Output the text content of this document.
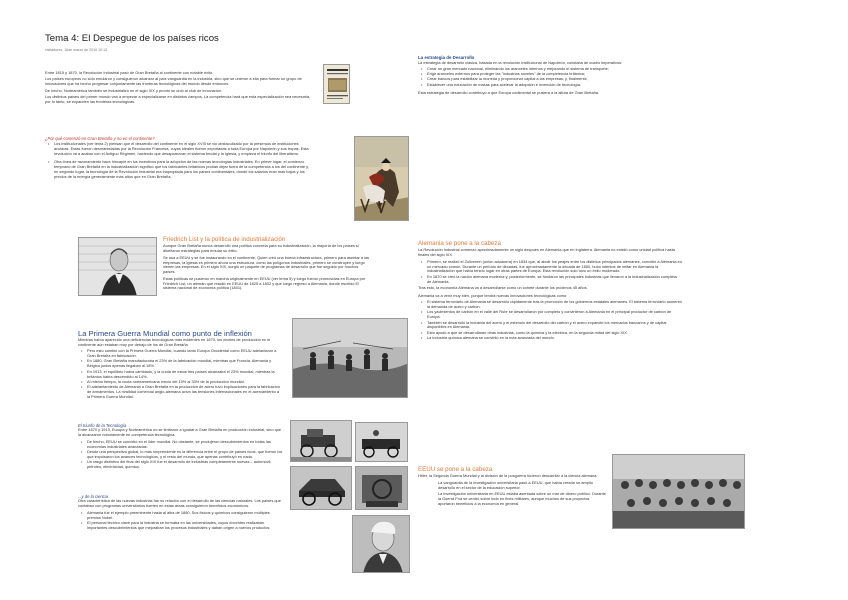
Tema 4: El Despegue de los países ricos
visitadores, 16de marzo de 2010 10:13

Entre 1815 y 1870, la Revolución Industrial pasó de Gran Bretaña al continente con notable éxito.

Los países europeos no sólo emularon y consiguieron alcanzar al país vanguardia en la industria, sino que se unieron a ella para formar un grupo de innovadores que ha hecho progresar conjuntamente las fronteras tecnológicas del mundo desde entonces.

De hecho, Norteamérica también se industrializó en el siglo XIX y pronto se unió al club de innovación.

Los distintos países del primer mundo van a empezar a especializarse en distintos campos. La competencia hará que esta especialización sea necesaria, por lo tanto, se expanden las fronteras tecnológicas.

¿Por qué comenzó en Gran Bretaña y no en el continente?
• Los institucionales (ver tema 2) piensan que el desarrollo del continente en el siglo XVIII se vio obstaculizado por la presencia de instituciones arcaicas. Estas fueron desmanteladas por la Revolución Francesa, cuyas ideales fueron exportadas a toda Europa por Napoleón y sus tropas. Esta revolución va a acabar con el Antiguo Régimen, haciendo que desaparezcan el sistema feudal y la Iglesia, y empieza el triunfo del liberalismo.
• Otra línea de razonamiento hace hincapié en los incentivos para la adopción de las nuevas tecnologías industriales. En primer lugar, el comienzo temprano de Gran Bretaña en la industrialización significó que los fabricantes británicos podían dejar fuera de la competencia a los del continente y, en segundo lugar, la tecnología de la Revolución Industrial era inapropiada para los países continentales, donde los salarios eran más bajos y los precios de la energía generalmente más altos que en Gran Bretaña.
La estrategia de Desarrollo

La estrategia de desarrollo clásica, basada en la revolución institucional de Napoleón, constaba de cuatro imperativos:

• Crear un gran mercado nacional, eliminando los aranceles internos y mejorando el sistema de transporte;
• Erigir aranceles externos para proteger las "industrias noveles" de la competencia británica;
• Crear bancos para estabilizar la moneda y proporcionar capital a las empresas; y, finalmente,
• Establecer una educación de masas para acelerar la adopción e invención de tecnología.

Esta estrategia de desarrollo contribuyó a que Europa continental se pusiera a la altura de Gran Bretaña.

Friedrich List y la política de industrialización

Aunque Gran Bretaña nunca desarrolló una política concreta para su industrialización, la mayoría de los países sí diseñaron estrategias para emular su éxito.

Se usa a EEUU y se fue instaurando en el continente. Quien creó una buena infraestructura, primero para asentar a las empresas, la Iglesia es primero ahora una estructura, como las polígonos industriales, primero se construyen y luego vienen las empresas. En el siglo XIX, surgió un paquete de programas de desarrollo que fue seguido por muchos países.

Estas políticas se pusieron en marcha originalmente en EEUU (ver tema 5) y luego fueron promovidas en Europa por Friedrich List, un alemán que residió en EEUU de 1825 a 1832 y que luego regresó a Alemania, donde escribió El sistema nacional de economía política (1841).

Alemania se pone a la cabeza

La Revolución Industrial comenzó aproximadamente un siglo después en Alemania que en Inglaterra. Alemania no existió como unidad política hasta finales del siglo XIX.

• Primero, se realizó el Zollverein (unión aduanera) en 1834 que, al abolir los peajes entre los distintos principados alemanes, convirtió a Alemania en un mercado común. Durante un período de décadas, fue aproximadamente la década de 1850, hubo intentos de imitar en Alemania la industrialización que había tenido lugar en otras partes de Europa. Esta revolución solo tuvo un éxito moderado.
• En 1870 se creó la nación alemana moderna y, posteriormente, se fundaron las principales industrias que llevaron a la industrialización completa de Alemania.

Tras esto, la economía Alemana va a desarrollarse como un cohete durante los próximos 45 años.

Alemania va a venir muy bien, porque tendrá nuevas innovaciones tecnológicas como:

• El sistema ferroviario de Alemania se desarrolló rápidamente tras la promoción de los gobiernos estatales alemanes. El sistema ferroviario aumentó la demanda de acero y carbón.
• Los yacimientos de carbón en el valle del Ruhr se desarrollaron por completo y convirtieron a Alemania en el principal productor de carbón de Europa.
• También se desarrolló la industria del acero y el estímulo del desarrollo del carbón y el acero expandió los mercados bancarios y de capital disponibles en Alemania.
• Esto ayudó a que se desarrollaran otras industrias, como la química y la eléctrica, en la segunda mitad del siglo XIX.
• La industria química alemana se convirtió en la más avanzada del mundo.
La Primera Guerra Mundial como punto de inflexión

Mientras había aparecido una deficiencias tecnológicas más evidentes en 1870, los niveles de producción en el continente aún estaban muy por debajo de los de Gran Bretaña.

• Pero esto cambió con la Primera Guerra Mundial, cuando tanto Europa Occidental como EEUU adelantaron a Gran Bretaña en fabricación.
• En 1880, Gran Bretaña manufacturaba el 23% de la fabricación mundial, mientras que Francia, Alemania y Bélgica juntos apenas llegaban al 18%.
• En 1913, el equilibrio había cambiado, y la cuota de estos tres países alcanzaba el 23% mundial, mientras la británica había descendido al 14%.
• Al mismo tiempo, la cuota norteamericana creció del 15% al 33% de la producción mundial.
• El adelantamiento de Alemania a Gran Bretaña en la producción de acero tuvo implicaciones para la fabricación de armamentos. La rivalidad comercial anglo-alemana avivó las tensiones internacionales en el acercamiento a la Primera Guerra Mundial.
El triunfo de la Tecnología

Entre 1870 y 1913, Europa y Norteamérica no se limitaron a igualar a Gran Bretaña en producción industrial, sino que la alcanzaron notoriamente en competencia tecnológica.

• De hecho, EEUU se convirtió en el líder mundial. No obstante, se produjeron descubrimientos en todas las economías industriales avanzadas.
• Desde una perspectiva global, lo más sorprendente es la diferencia entre el grupo de países ricos, que fueron los que impulsaron los avances tecnológicos, y el resto del mundo, que apenas contribuyó en nada.
• Un rasgo distintivo del final del siglo XIX fue el desarrollo de industrias completamente nuevas – automóvil, petróleo, electricidad, química.
...y de la ciencia

Otra característica de las nuevas industrias fue su relación con el desarrollo de las ciencias naturales. Los países que contaban con programas universitarios fuertes en estas áreas consiguieron beneficios económicos.

• Alemania fue el ejemplo preeminente hasta al alba de 1880. Sus físicos y químicos consiguieron múltiples premios Nobel.
• El personal técnico clave para la industria se formaba en las universidades, cuyos docentes realizaban importantes descubrimientos que mejoraban los procesos industriales y daban origen a nuevos productos.
EEUU se pone a la cabeza

Hitler, la Segunda Guerra Mundial y la división de la posguerra hicieron descarrilar a la ciencia alemana.

La vanguardia de la investigación universitaria pasó a EEUU, que había creado un amplio desarrollo en el sector de la educación superior.

La investigación universitaria en EEUU estaba asentada sobre un mar de dinero público. Durante la Guerra Fría se centró sobre todo en fines militares, aunque muchos de sus proyectos aportaron beneficios a la economía en general.
